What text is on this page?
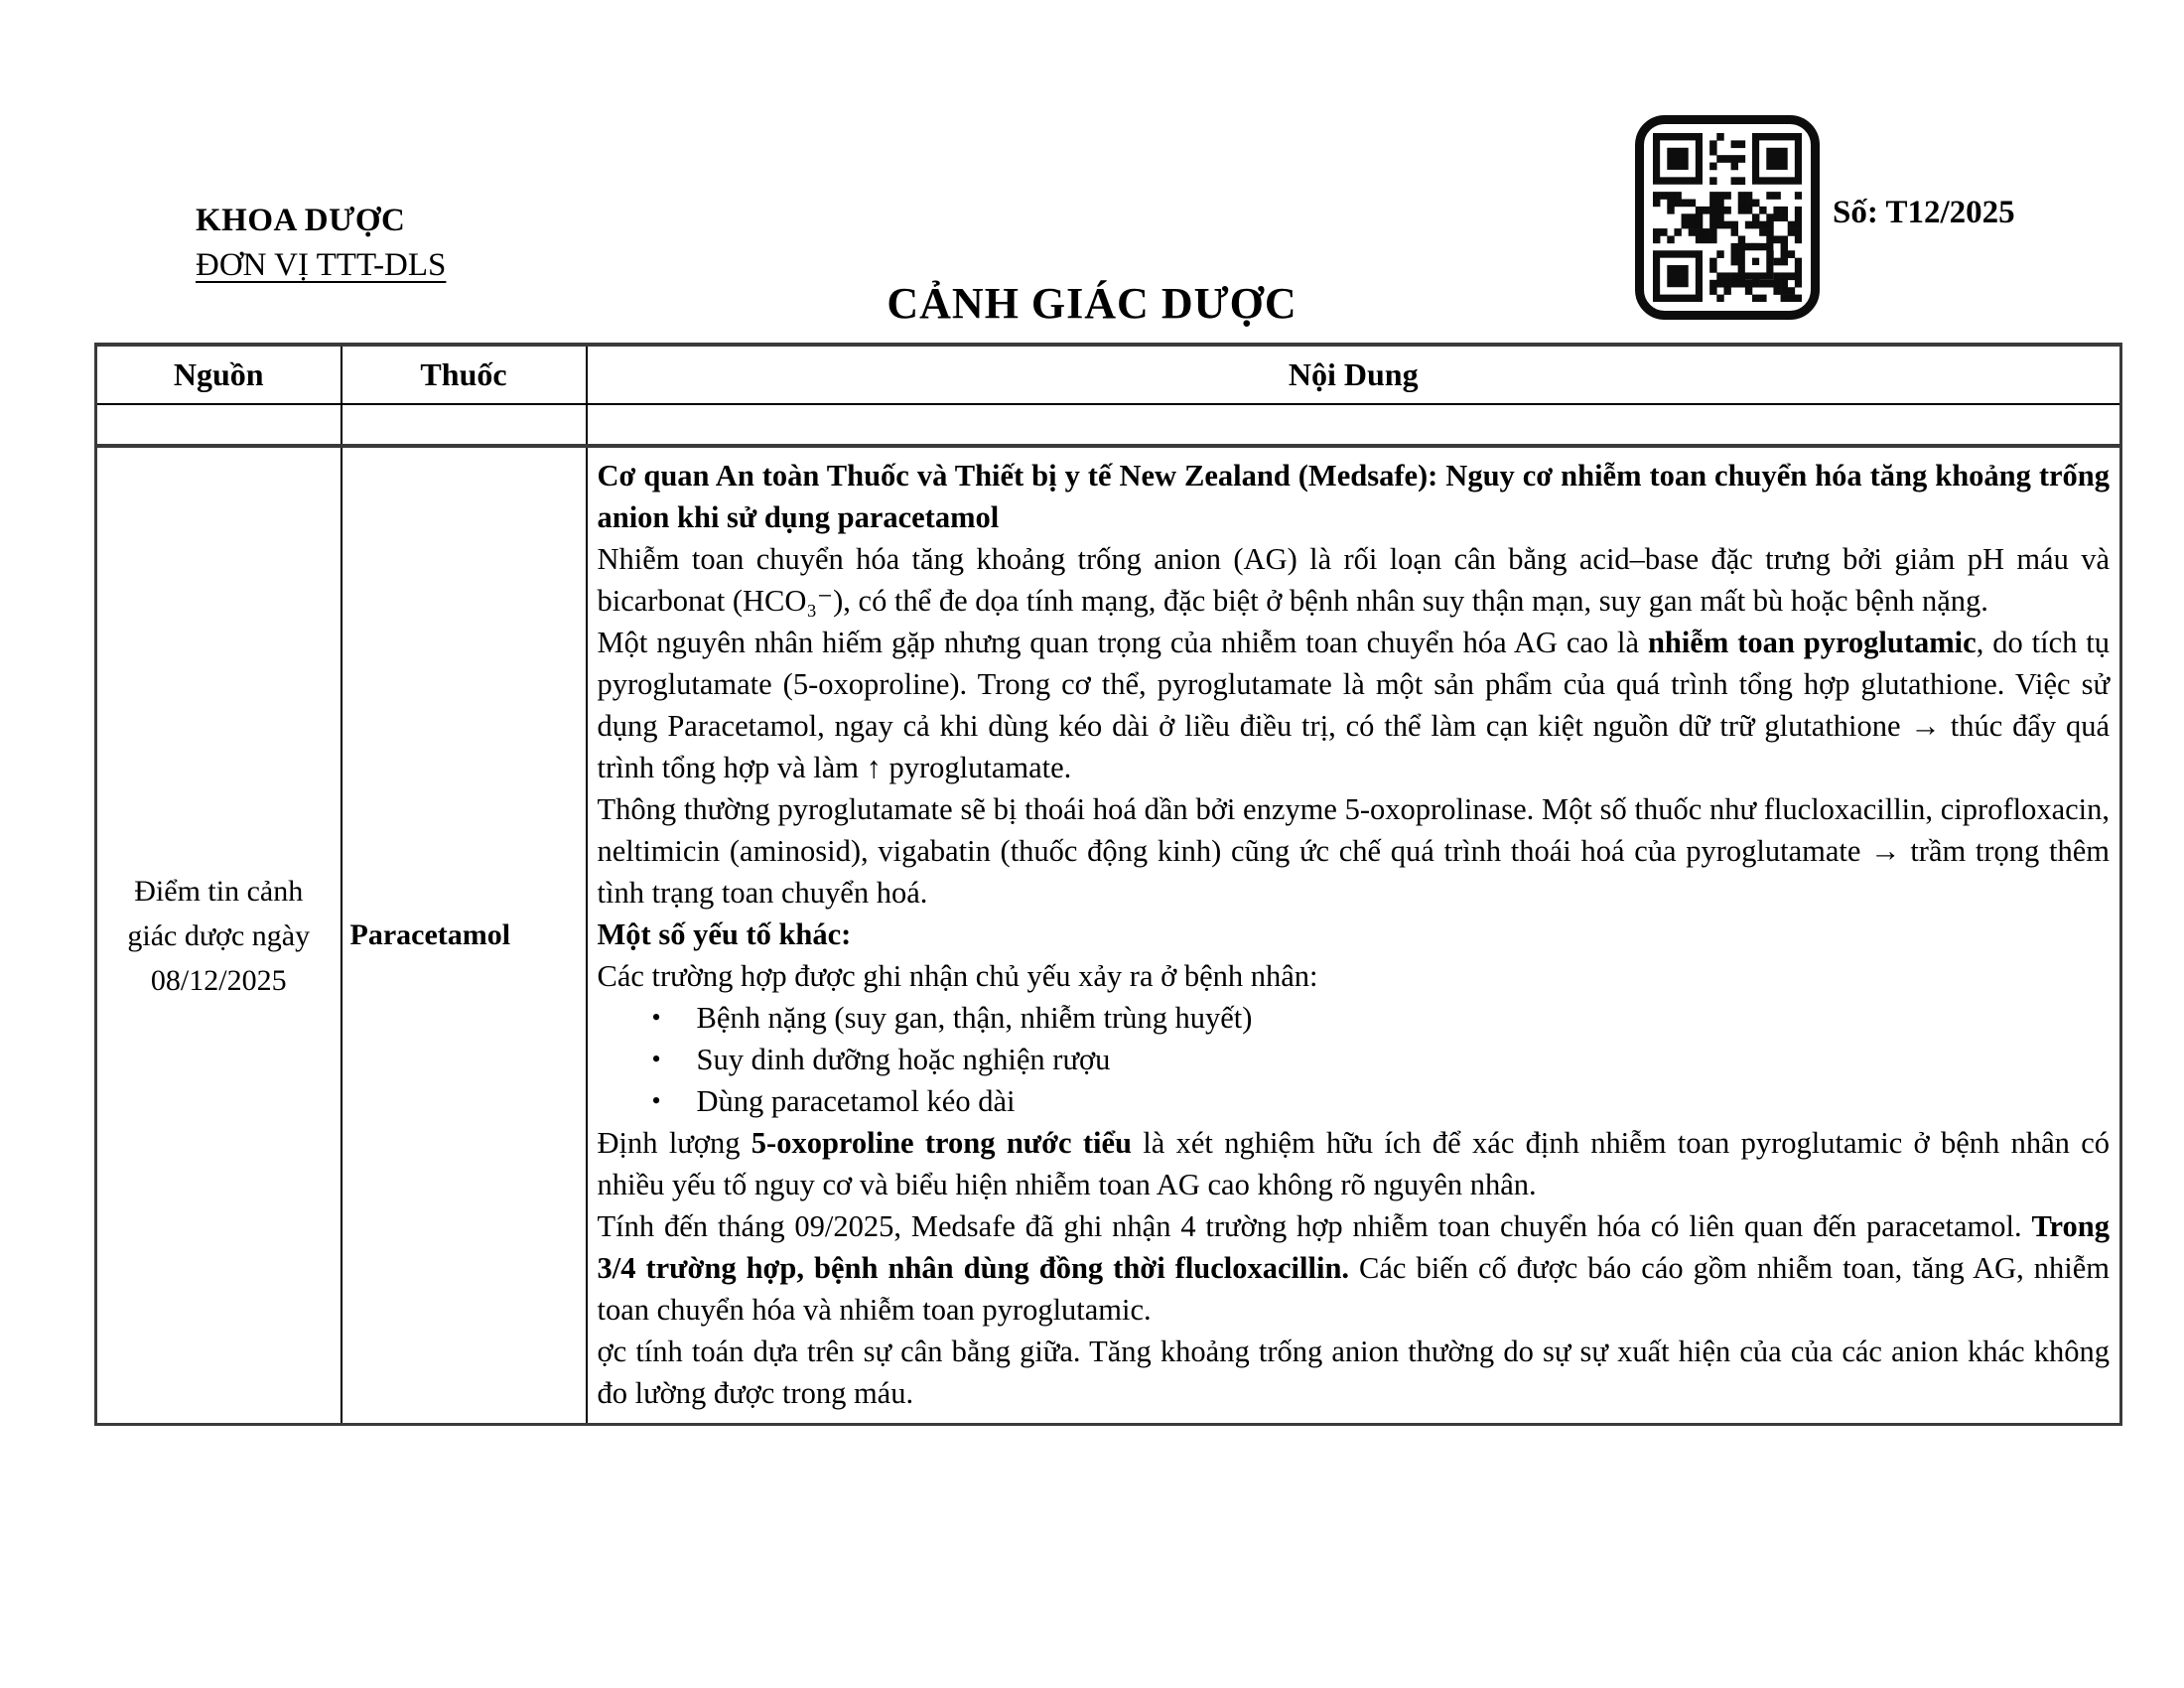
KHOA DƯỢC
ĐƠN VỊ TTT-DLS
Số: T12/2025
CẢNH GIÁC DƯỢC
Nguồn	Thuốc	Nội Dung

Điểm tin cảnh giác dược ngày 08/12/2025	Paracetamol	
Cơ quan An toàn Thuốc và Thiết bị y tế New Zealand (Medsafe): Nguy cơ nhiễm toan chuyển hóa tăng khoảng trống anion khi sử dụng paracetamol
Nhiễm toan chuyển hóa tăng khoảng trống anion (AG) là rối loạn cân bằng acid–base đặc trưng bởi giảm pH máu và bicarbonat (HCO₃⁻), có thể đe dọa tính mạng, đặc biệt ở bệnh nhân suy thận mạn, suy gan mất bù hoặc bệnh nặng.
Một nguyên nhân hiếm gặp nhưng quan trọng của nhiễm toan chuyển hóa AG cao là nhiễm toan pyroglutamic, do tích tụ pyroglutamate (5-oxoproline). Trong cơ thể, pyroglutamate là một sản phẩm của quá trình tổng hợp glutathione. Việc sử dụng Paracetamol, ngay cả khi dùng kéo dài ở liều điều trị, có thể làm cạn kiệt nguồn dữ trữ glutathione → thúc đẩy quá trình tổng hợp và làm ↑ pyroglutamate.
Thông thường pyroglutamate sẽ bị thoái hoá dần bởi enzyme 5-oxoprolinase. Một số thuốc như flucloxacillin, ciprofloxacin, neltimicin (aminosid), vigabatin (thuốc động kinh) cũng ức chế quá trình thoái hoá của pyroglutamate → trầm trọng thêm tình trạng toan chuyển hoá.
Một số yếu tố khác:
Các trường hợp được ghi nhận chủ yếu xảy ra ở bệnh nhân:
• Bệnh nặng (suy gan, thận, nhiễm trùng huyết)
• Suy dinh dưỡng hoặc nghiện rượu
• Dùng paracetamol kéo dài
Định lượng 5-oxoproline trong nước tiểu là xét nghiệm hữu ích để xác định nhiễm toan pyroglutamic ở bệnh nhân có nhiều yếu tố nguy cơ và biểu hiện nhiễm toan AG cao không rõ nguyên nhân.
Tính đến tháng 09/2025, Medsafe đã ghi nhận 4 trường hợp nhiễm toan chuyển hóa có liên quan đến paracetamol. Trong 3/4 trường hợp, bệnh nhân dùng đồng thời flucloxacillin. Các biến cố được báo cáo gồm nhiễm toan, tăng AG, nhiễm toan chuyển hóa và nhiễm toan pyroglutamic.
ợc tính toán dựa trên sự cân bằng giữa. Tăng khoảng trống anion thường do sự sự xuất hiện của của các anion khác không đo lường được trong máu.
